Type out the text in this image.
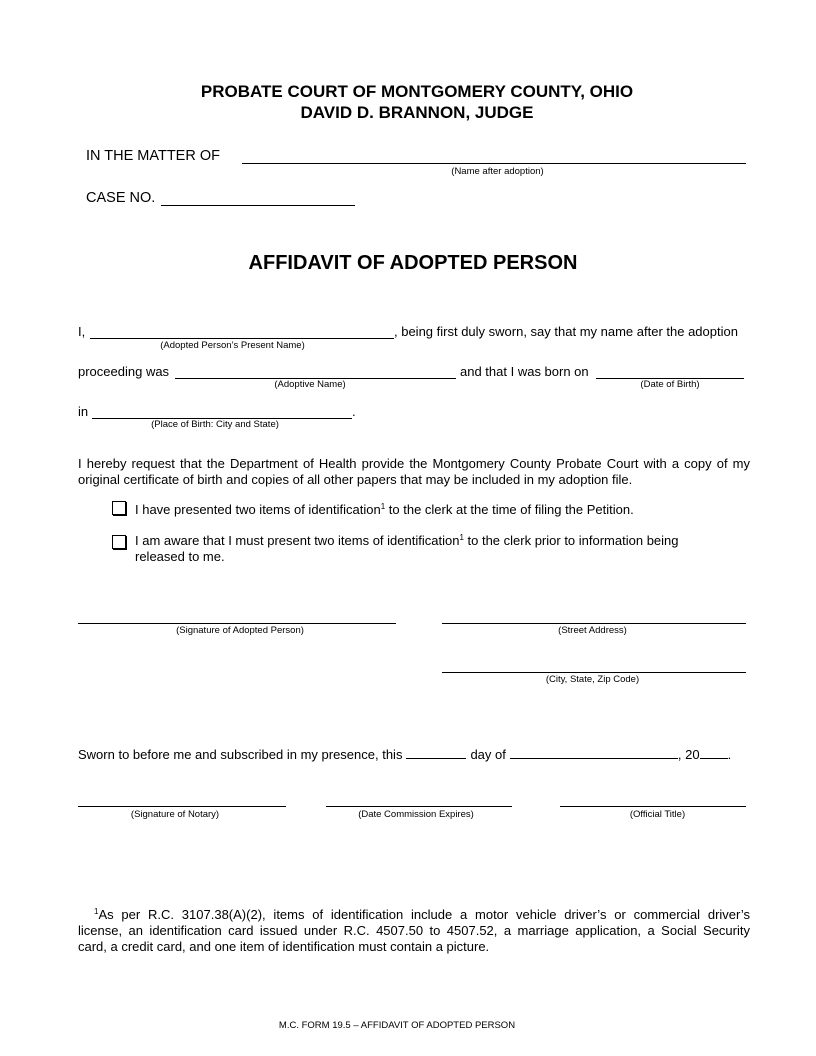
PROBATE COURT OF MONTGOMERY COUNTY, OHIO
DAVID D. BRANNON, JUDGE
IN THE MATTER OF
(Name after adoption)
CASE NO.
AFFIDAVIT OF ADOPTED PERSON
I,	, being first duly sworn, say that my name after the adoption
(Adopted Person’s Present Name)
proceeding was	and that I was born on
(Adoptive Name)	(Date of Birth)
in	.
(Place of Birth: City and State)
I hereby request that the Department of Health provide the Montgomery County Probate Court with a copy of my
original certificate of birth and copies of all other papers that may be included in my adoption file.
I have presented two items of identification$^1$ to the clerk at the time of filing the Petition.
I am aware that I must present two items of identification$^1$ to the clerk prior to information being
released to me.
(Signature of Adopted Person)	(Street Address)
(City, State, Zip Code)
Sworn to before me and subscribed in my presence, this	day of	, 20 .
(Signature of Notary)	(Date Commission Expires)	(Official Title)
$^1$As per R.C. 3107.38(A)(2), items of identification include a motor vehicle driver’s or commercial driver’s
license, an identification card issued under R.C. 4507.50 to 4507.52, a marriage application, a Social Security
card, a credit card, and one item of identification must contain a picture.
M.C. FORM 19.5 – AFFIDAVIT OF ADOPTED PERSON
